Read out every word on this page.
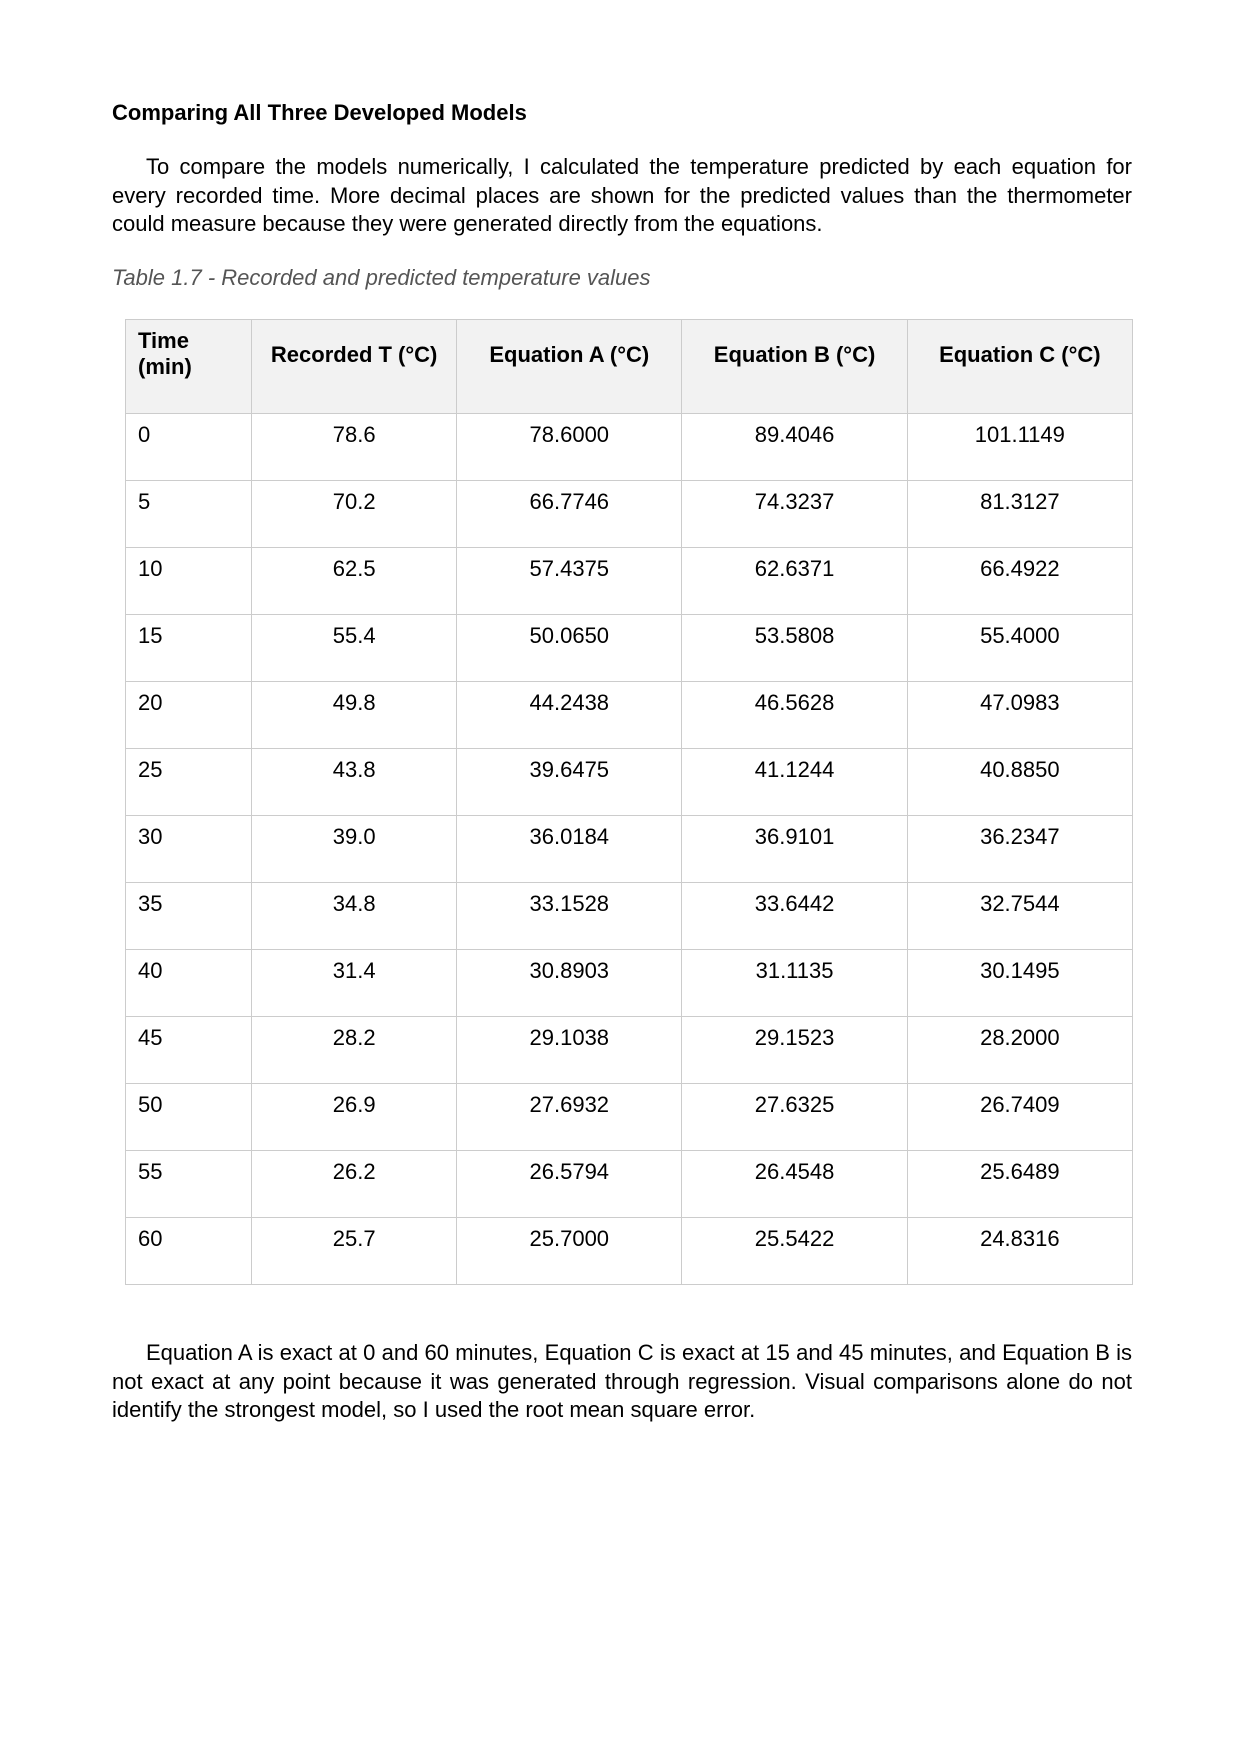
Comparing All Three Developed Models

To compare the models numerically, I calculated the temperature predicted by each equation for every recorded time. More decimal places are shown for the predicted values than the thermometer could measure because they were generated directly from the equations.

Table 1.7 - Recorded and predicted temperature values

Time (min)	Recorded T (°C)	Equation A (°C)	Equation B (°C)	Equation C (°C)
0	78.6	78.6000	89.4046	101.1149
5	70.2	66.7746	74.3237	81.3127
10	62.5	57.4375	62.6371	66.4922
15	55.4	50.0650	53.5808	55.4000
20	49.8	44.2438	46.5628	47.0983
25	43.8	39.6475	41.1244	40.8850
30	39.0	36.0184	36.9101	36.2347
35	34.8	33.1528	33.6442	32.7544
40	31.4	30.8903	31.1135	30.1495
45	28.2	29.1038	29.1523	28.2000
50	26.9	27.6932	27.6325	26.7409
55	26.2	26.5794	26.4548	25.6489
60	25.7	25.7000	25.5422	24.8316

Equation A is exact at 0 and 60 minutes, Equation C is exact at 15 and 45 minutes, and Equation B is not exact at any point because it was generated through regression. Visual comparisons alone do not identify the strongest model, so I used the root mean square error.
